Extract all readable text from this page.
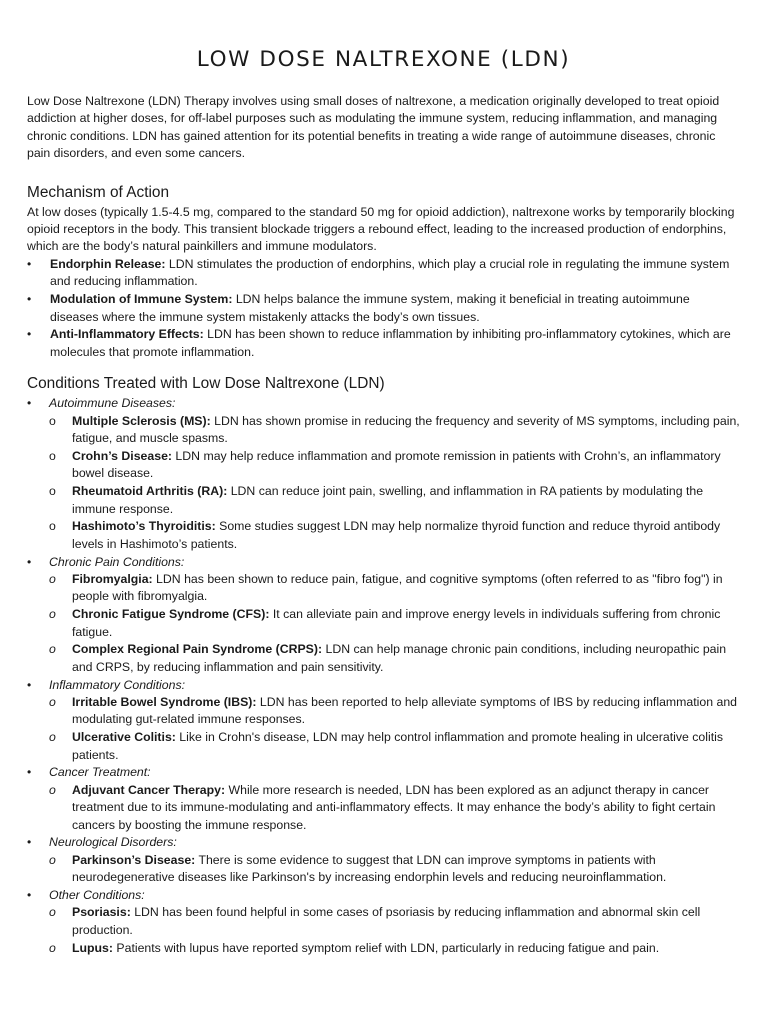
LOW DOSE NALTREXONE (LDN)

Low Dose Naltrexone (LDN) Therapy involves using small doses of naltrexone, a medication originally developed to treat opioid addiction at higher doses, for off-label purposes such as modulating the immune system, reducing inflammation, and managing chronic conditions. LDN has gained attention for its potential benefits in treating a wide range of autoimmune diseases, chronic pain disorders, and even some cancers.

Mechanism of Action

At low doses (typically 1.5-4.5 mg, compared to the standard 50 mg for opioid addiction), naltrexone works by temporarily blocking opioid receptors in the body. This transient blockade triggers a rebound effect, leading to the increased production of endorphins, which are the body’s natural painkillers and immune modulators.

• Endorphin Release: LDN stimulates the production of endorphins, which play a crucial role in regulating the immune system and reducing inflammation.
• Modulation of Immune System: LDN helps balance the immune system, making it beneficial in treating autoimmune diseases where the immune system mistakenly attacks the body’s own tissues.
• Anti-Inflammatory Effects: LDN has been shown to reduce inflammation by inhibiting pro-inflammatory cytokines, which are molecules that promote inflammation.
Conditions Treated with Low Dose Naltrexone (LDN)
• Autoimmune Diseases:
o Multiple Sclerosis (MS): LDN has shown promise in reducing the frequency and severity of MS symptoms, including pain, fatigue, and muscle spasms.
o Crohn’s Disease: LDN may help reduce inflammation and promote remission in patients with Crohn’s, an inflammatory bowel disease.
o Rheumatoid Arthritis (RA): LDN can reduce joint pain, swelling, and inflammation in RA patients by modulating the immune response.
o Hashimoto’s Thyroiditis: Some studies suggest LDN may help normalize thyroid function and reduce thyroid antibody levels in Hashimoto’s patients.
• Chronic Pain Conditions:
o Fibromyalgia: LDN has been shown to reduce pain, fatigue, and cognitive symptoms (often referred to as "fibro fog") in people with fibromyalgia.
o Chronic Fatigue Syndrome (CFS): It can alleviate pain and improve energy levels in individuals suffering from chronic fatigue.
o Complex Regional Pain Syndrome (CRPS): LDN can help manage chronic pain conditions, including neuropathic pain and CRPS, by reducing inflammation and pain sensitivity.
• Inflammatory Conditions:
o Irritable Bowel Syndrome (IBS): LDN has been reported to help alleviate symptoms of IBS by reducing inflammation and modulating gut-related immune responses.
o Ulcerative Colitis: Like in Crohn's disease, LDN may help control inflammation and promote healing in ulcerative colitis patients.
• Cancer Treatment:
o Adjuvant Cancer Therapy: While more research is needed, LDN has been explored as an adjunct therapy in cancer treatment due to its immune-modulating and anti-inflammatory effects. It may enhance the body’s ability to fight certain cancers by boosting the immune response.
• Neurological Disorders:
o Parkinson’s Disease: There is some evidence to suggest that LDN can improve symptoms in patients with neurodegenerative diseases like Parkinson's by increasing endorphin levels and reducing neuroinflammation.
• Other Conditions:
o Psoriasis: LDN has been found helpful in some cases of psoriasis by reducing inflammation and abnormal skin cell production.
o Lupus: Patients with lupus have reported symptom relief with LDN, particularly in reducing fatigue and pain.
